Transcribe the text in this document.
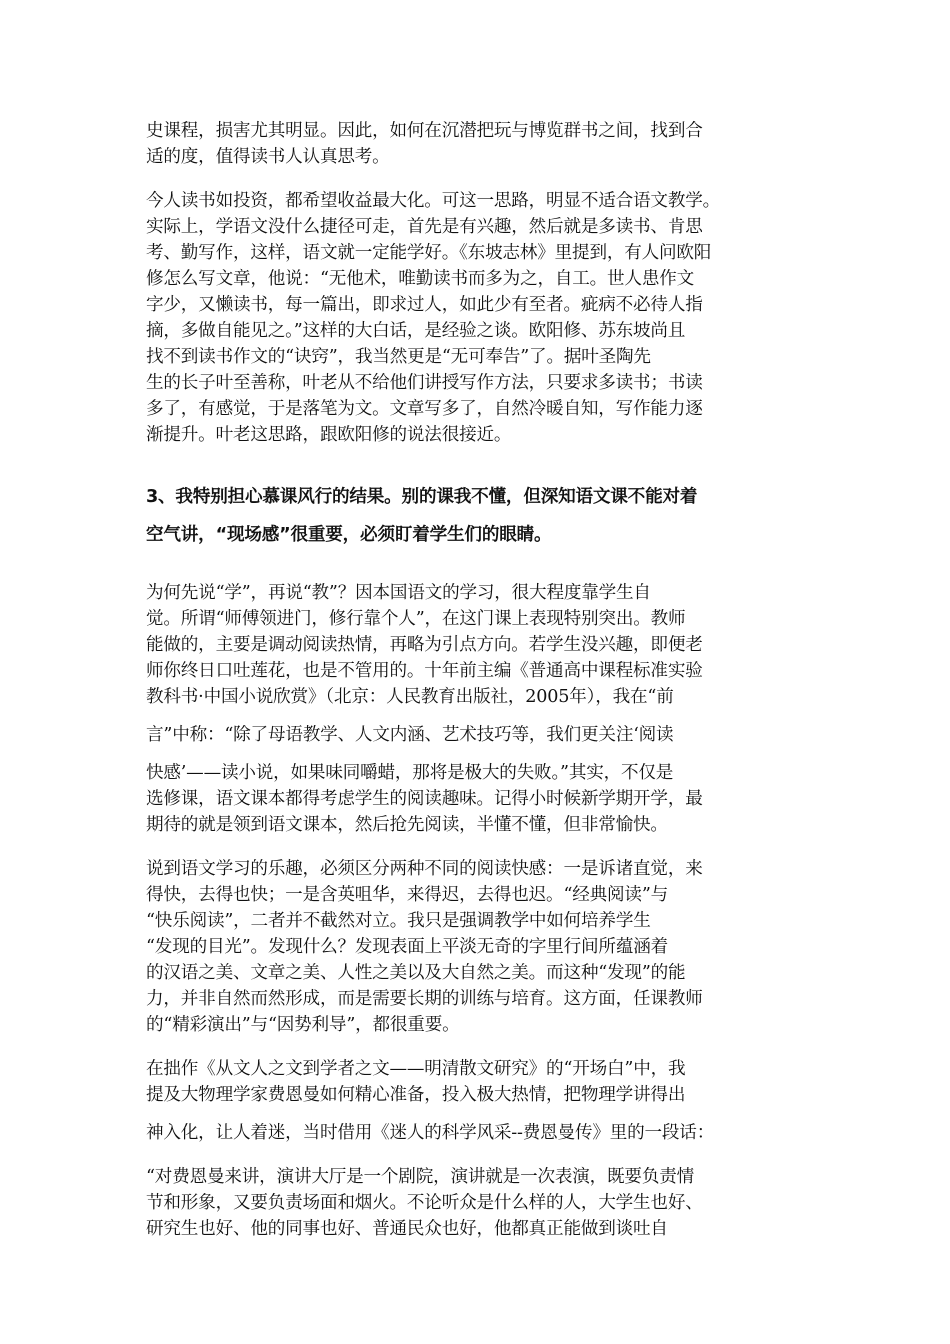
史课程，损害尤其明显。因此，如何在沉潜把玩与博览群书之间，找到合
适的度，值得读书人认真思考。
今人读书如投资，都希望收益最大化。可这一思路，明显不适合语文教学。
实际上，学语文没什么捷径可走，首先是有兴趣，然后就是多读书、肯思
考、勤写作，这样，语文就一定能学好。《东坡志林》里提到，有人问欧阳
修怎么写文章，他说：“无他术，唯勤读书而多为之，自工。世人患作文
字少，又懒读书，每一篇出，即求过人，如此少有至者。疵病不必待人指
摘，多做自能见之。”这样的大白话，是经验之谈。欧阳修、苏东坡尚且
找不到读书作文的“诀窍”，我当然更是“无可奉告”了。据叶圣陶先
生的长子叶至善称，叶老从不给他们讲授写作方法，只要求多读书；书读
多了，有感觉，于是落笔为文。文章写多了，自然冷暖自知，写作能力逐
渐提升。叶老这思路，跟欧阳修的说法很接近。
3、我特别担心慕课风行的结果。别的课我不懂，但深知语文课不能对着
空气讲，“现场感”很重要，必须盯着学生们的眼睛。
为何先说“学”，再说“教”？因本国语文的学习，很大程度靠学生自
觉。所谓“师傅领进门，修行靠个人”，在这门课上表现特别突出。教师
能做的，主要是调动阅读热情，再略为引点方向。若学生没兴趣，即便老
师你终日口吐莲花，也是不管用的。十年前主编《普通高中课程标准实验
教科书·中国小说欣赏》（北京：人民教育出版社，2005年），我在“前
言”中称：“除了母语教学、人文内涵、艺术技巧等，我们更关注‘阅读
快感’——读小说，如果味同嚼蜡，那将是极大的失败。”其实，不仅是
选修课，语文课本都得考虑学生的阅读趣味。记得小时候新学期开学，最
期待的就是领到语文课本，然后抢先阅读，半懂不懂，但非常愉快。
说到语文学习的乐趣，必须区分两种不同的阅读快感：一是诉诸直觉，来
得快，去得也快；一是含英咀华，来得迟，去得也迟。“经典阅读”与
“快乐阅读”，二者并不截然对立。我只是强调教学中如何培养学生
“发现的目光”。发现什么？发现表面上平淡无奇的字里行间所蕴涵着
的汉语之美、文章之美、人性之美以及大自然之美。而这种“发现”的能
力，并非自然而然形成，而是需要长期的训练与培育。这方面，任课教师
的“精彩演出”与“因势利导”，都很重要。
在拙作《从文人之文到学者之文——明清散文研究》的“开场白”中，我
提及大物理学家费恩曼如何精心准备，投入极大热情，把物理学讲得出
神入化，让人着迷，当时借用《迷人的科学风采--费恩曼传》里的一段话：
“对费恩曼来讲，演讲大厅是一个剧院，演讲就是一次表演，既要负责情
节和形象，又要负责场面和烟火。不论听众是什么样的人，大学生也好、
研究生也好、他的同事也好、普通民众也好，他都真正能做到谈吐自
